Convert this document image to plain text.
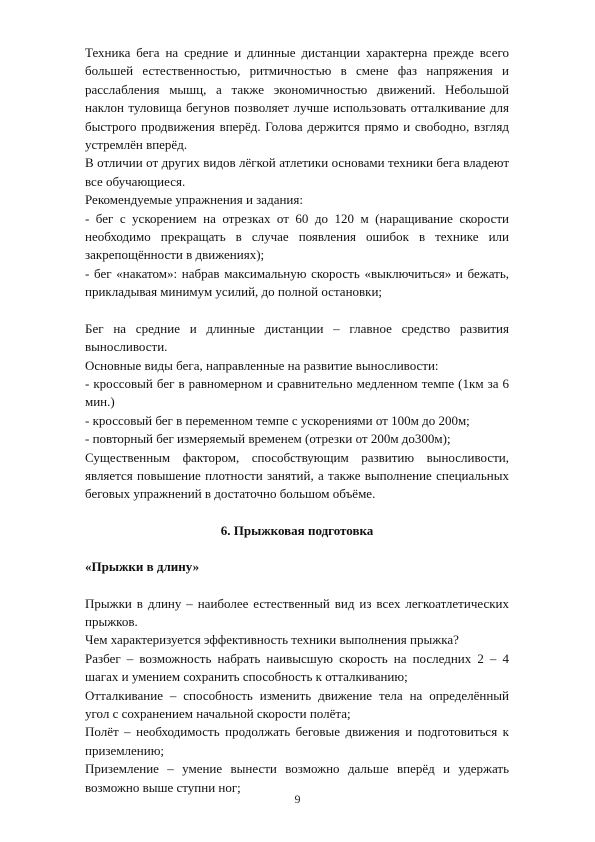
Техника бега на средние и длинные дистанции характерна прежде всего большей естественностью, ритмичностью в смене фаз напряжения и расслабления мышц, а также экономичностью движений. Небольшой наклон туловища бегунов позволяет лучше использовать отталкивание для быстрого продвижения вперёд. Голова держится прямо и свободно, взгляд устремлён вперёд.

В отличии от других видов лёгкой атлетики основами техники бега владеют все обучающиеся.

Рекомендуемые упражнения и задания:

- бег с ускорением на отрезках от 60 до 120 м (наращивание скорости необходимо прекращать в случае появления ошибок в технике или закрепощённости в движениях);

- бег «накатом»: набрав максимальную скорость «выключиться» и бежать, прикладывая минимум усилий, до полной остановки;

Бег на средние и длинные дистанции – главное средство развития выносливости.

Основные виды бега, направленные на развитие выносливости:

- кроссовый бег в равномерном и сравнительно медленном темпе (1км за 6 мин.)

- кроссовый бег в переменном темпе с ускорениями от 100м до 200м;

- повторный бег измеряемый временем (отрезки от 200м до300м);

Существенным фактором, способствующим развитию выносливости, является повышение плотности занятий, а также выполнение специальных беговых упражнений в достаточно большом объёме.

6. Прыжковая подготовка

«Прыжки в длину»

Прыжки в длину – наиболее естественный вид из всех легкоатлетических прыжков.

Чем характеризуется эффективность техники выполнения прыжка?

Разбег – возможность набрать наивысшую скорость на последних 2 – 4 шагах и умением сохранить способность к отталкиванию;

Отталкивание – способность изменить движение тела на определённый угол с сохранением начальной скорости полёта;

Полёт – необходимость продолжать беговые движения и подготовиться к приземлению;

Приземление – умение вынести возможно дальше вперёд и удержать возможно выше ступни ног;

9
